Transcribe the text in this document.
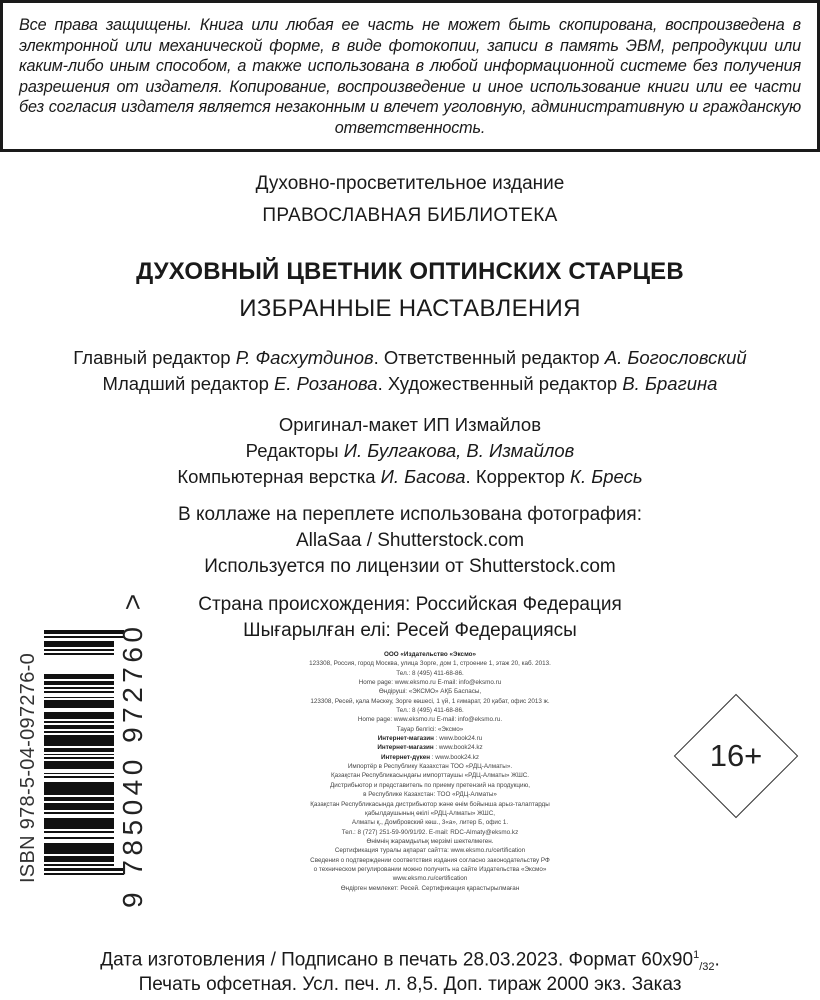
Все права защищены. Книга или любая ее часть не может быть скопирована, воспроизведена в электронной или механической форме, в виде фотокопии, записи в память ЭВМ, репродукции или каким-либо иным способом, а также использована в любой информационной системе без получения разрешения от издателя. Копирование, воспроизведение и иное использование книги или ее части без согласия издателя является незаконным и влечет уголовную, административную и гражданскую ответственность.
Духовно-просветительное издание
ПРАВОСЛАВНАЯ БИБЛИОТЕКА
ДУХОВНЫЙ ЦВЕТНИК ОПТИНСКИХ СТАРЦЕВ
ИЗБРАННЫЕ НАСТАВЛЕНИЯ
Главный редактор Р. Фасхутдинов. Ответственный редактор А. Богословский
Младший редактор Е. Розанова. Художественный редактор В. Брагина
Оригинал-макет ИП Измайлов
Редакторы И. Булгакова, В. Измайлов
Компьютерная верстка И. Басова. Корректор К. Бресь
В коллаже на переплете использована фотография:
AllaSaa / Shutterstock.com
Используется по лицензии от Shutterstock.com
Страна происхождения: Российская Федерация
Шығарылған елі: Ресей Федерациясы
ООО «Издательство «Эксмо»
123308, Россия, город Москва, улица Зорге, дом 1, строение 1, этаж 20, каб. 2013.
Тел.: 8 (495) 411-68-86.
Home page: www.eksmo.ru E-mail: info@eksmo.ru
Өндіруші: «ЭКСМО» АҚБ Баспасы,
123308, Ресей, қала Мәскеу, Зорге көшесі, 1 үй, 1 ғимарат, 20 қабат, офис 2013 ж.
Тел.: 8 (495) 411-68-86.
Home page: www.eksmo.ru E-mail: info@eksmo.ru.
Тауар белгісі: «Эксмо»
Интернет-магазин : www.book24.ru
Интернет-магазин : www.book24.kz
Интернет-дүкен : www.book24.kz
Импортёр в Республику Казахстан ТОО «РДЦ-Алматы».
Қазақстан Республикасындағы импорттаушы «РДЦ-Алматы» ЖШС.
Дистрибьютор и представитель по приему претензий на продукцию,
в Республике Казахстан: ТОО «РДЦ-Алматы»
Қазақстан Республикасында дистрибьютор және өнім бойынша арыз-талаптарды
қабылдаушының өкілі «РДЦ-Алматы» ЖШС,
Алматы қ., Домбровский көш., 3«а», литер Б, офис 1.
Тел.: 8 (727) 251-59-90/91/92. E-mail: RDC-Almaty@eksmo.kz
Өнімнің жарамдылық мерзімі шектелмеген.
Сертификация туралы ақпарат сайтта: www.eksmo.ru/certification
Сведения о подтверждении соответствия издания согласно законодательству РФ
о техническом регулировании можно получить на сайте Издательства «Эксмо»
www.eksmo.ru/certification
Өндірген мемлекет: Ресей. Сертификация қарастырылмаған
ISBN 978-5-04-097276-0	9 785040 972760 >
16+
Дата изготовления / Подписано в печать 28.03.2023. Формат $60x90^1_{/32}$.
Печать офсетная. Усл. печ. л. 8,5. Доп. тираж 2000 экз. Заказ
